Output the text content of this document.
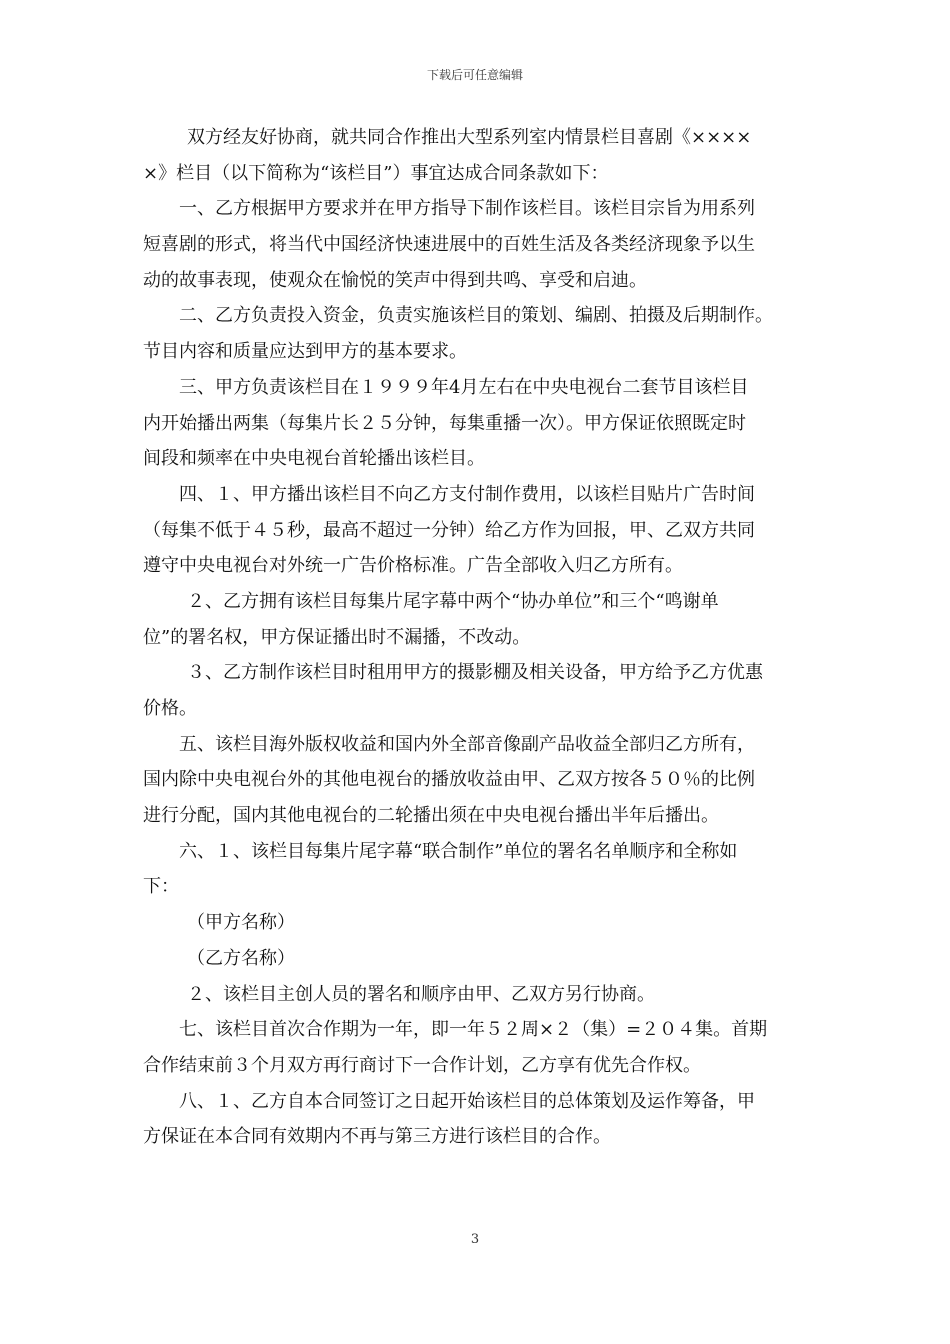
下载后可任意编辑
双方经友好协商，就共同合作推出大型系列室内情景栏目喜剧《××××
×》栏目（以下简称为“该栏目”）事宜达成合同条款如下：
一、乙方根据甲方要求并在甲方指导下制作该栏目。该栏目宗旨为用系列
短喜剧的形式，将当代中国经济快速进展中的百姓生活及各类经济现象予以生
动的故事表现，使观众在愉悦的笑声中得到共鸣、享受和启迪。
二、乙方负责投入资金，负责实施该栏目的策划、编剧、拍摄及后期制作。
节目内容和质量应达到甲方的基本要求。
三、甲方负责该栏目在１９９９年4月左右在中央电视台二套节目该栏目
内开始播出两集（每集片长２５分钟，每集重播一次）。甲方保证依照既定时
间段和频率在中央电视台首轮播出该栏目。
四、１、甲方播出该栏目不向乙方支付制作费用，以该栏目贴片广告时间
（每集不低于４５秒，最高不超过一分钟）给乙方作为回报，甲、乙双方共同
遵守中央电视台对外统一广告价格标准。广告全部收入归乙方所有。
２、乙方拥有该栏目每集片尾字幕中两个“协办单位”和三个“鸣谢单
位”的署名权，甲方保证播出时不漏播，不改动。
３、乙方制作该栏目时租用甲方的摄影棚及相关设备，甲方给予乙方优惠
价格。
五、该栏目海外版权收益和国内外全部音像副产品收益全部归乙方所有，
国内除中央电视台外的其他电视台的播放收益由甲、乙双方按各５０％的比例
进行分配，国内其他电视台的二轮播出须在中央电视台播出半年后播出。
六、１、该栏目每集片尾字幕“联合制作”单位的署名名单顺序和全称如
下：
（甲方名称）
（乙方名称）
２、该栏目主创人员的署名和顺序由甲、乙双方另行协商。
七、该栏目首次合作期为一年，即一年５２周×２（集）=２０４集。首期
合作结束前３个月双方再行商讨下一合作计划，乙方享有优先合作权。
八、１、乙方自本合同签订之日起开始该栏目的总体策划及运作筹备，甲
方保证在本合同有效期内不再与第三方进行该栏目的合作。
3
